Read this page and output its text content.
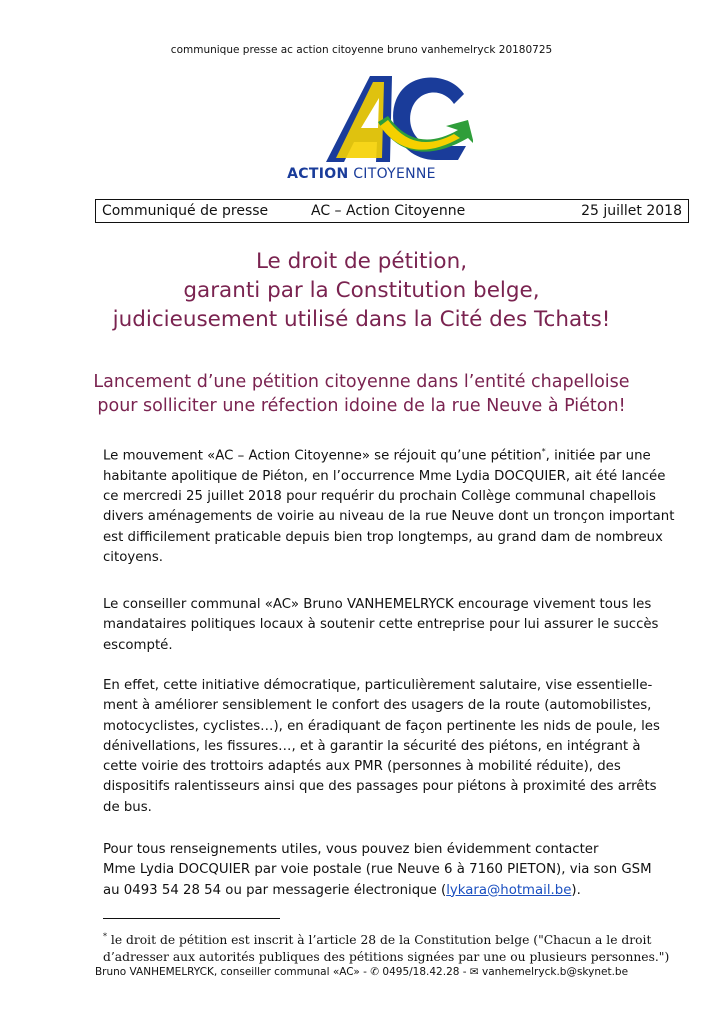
communique presse ac action citoyenne bruno vanhemelryck 20180725
ACTION CITOYENNE
Communiqué de presse	AC – Action Citoyenne	25 juillet 2018
Le droit de pétition,
garanti par la Constitution belge,
judicieusement utilisé dans la Cité des Tchats!
Lancement d’une pétition citoyenne dans l’entité chapelloise
pour solliciter une réfection idoine de la rue Neuve à Piéton!
Le mouvement «AC – Action Citoyenne» se réjouit qu’une pétition*, initiée par une
habitante apolitique de Piéton, en l’occurrence Mme Lydia DOCQUIER, ait été lancée
ce mercredi 25 juillet 2018 pour requérir du prochain Collège communal chapellois
divers aménagements de voirie au niveau de la rue Neuve dont un tronçon important
est difficilement praticable depuis bien trop longtemps, au grand dam de nombreux
citoyens.
Le conseiller communal «AC» Bruno VANHEMELRYCK encourage vivement tous les
mandataires politiques locaux à soutenir cette entreprise pour lui assurer le succès
escompté.
En effet, cette initiative démocratique, particulièrement salutaire, vise essentielle-
ment à améliorer sensiblement le confort des usagers de la route (automobilistes,
motocyclistes, cyclistes…), en éradiquant de façon pertinente les nids de poule, les
dénivellations, les fissures…, et à garantir la sécurité des piétons, en intégrant à
cette voirie des trottoirs adaptés aux PMR (personnes à mobilité réduite), des
dispositifs ralentisseurs ainsi que des passages pour piétons à proximité des arrêts
de bus.
Pour tous renseignements utiles, vous pouvez bien évidemment contacter
Mme Lydia DOCQUIER par voie postale (rue Neuve 6 à 7160 PIETON), via son GSM
au 0493 54 28 54 ou par messagerie électronique (lykara@hotmail.be).
* le droit de pétition est inscrit à l’article 28 de la Constitution belge ("Chacun a le droit
d’adresser aux autorités publiques des pétitions signées par une ou plusieurs personnes.")
Bruno VANHEMELRYCK, conseiller communal «AC» - ✆ 0495/18.42.28 - ✉ vanhemelryck.b@skynet.be
